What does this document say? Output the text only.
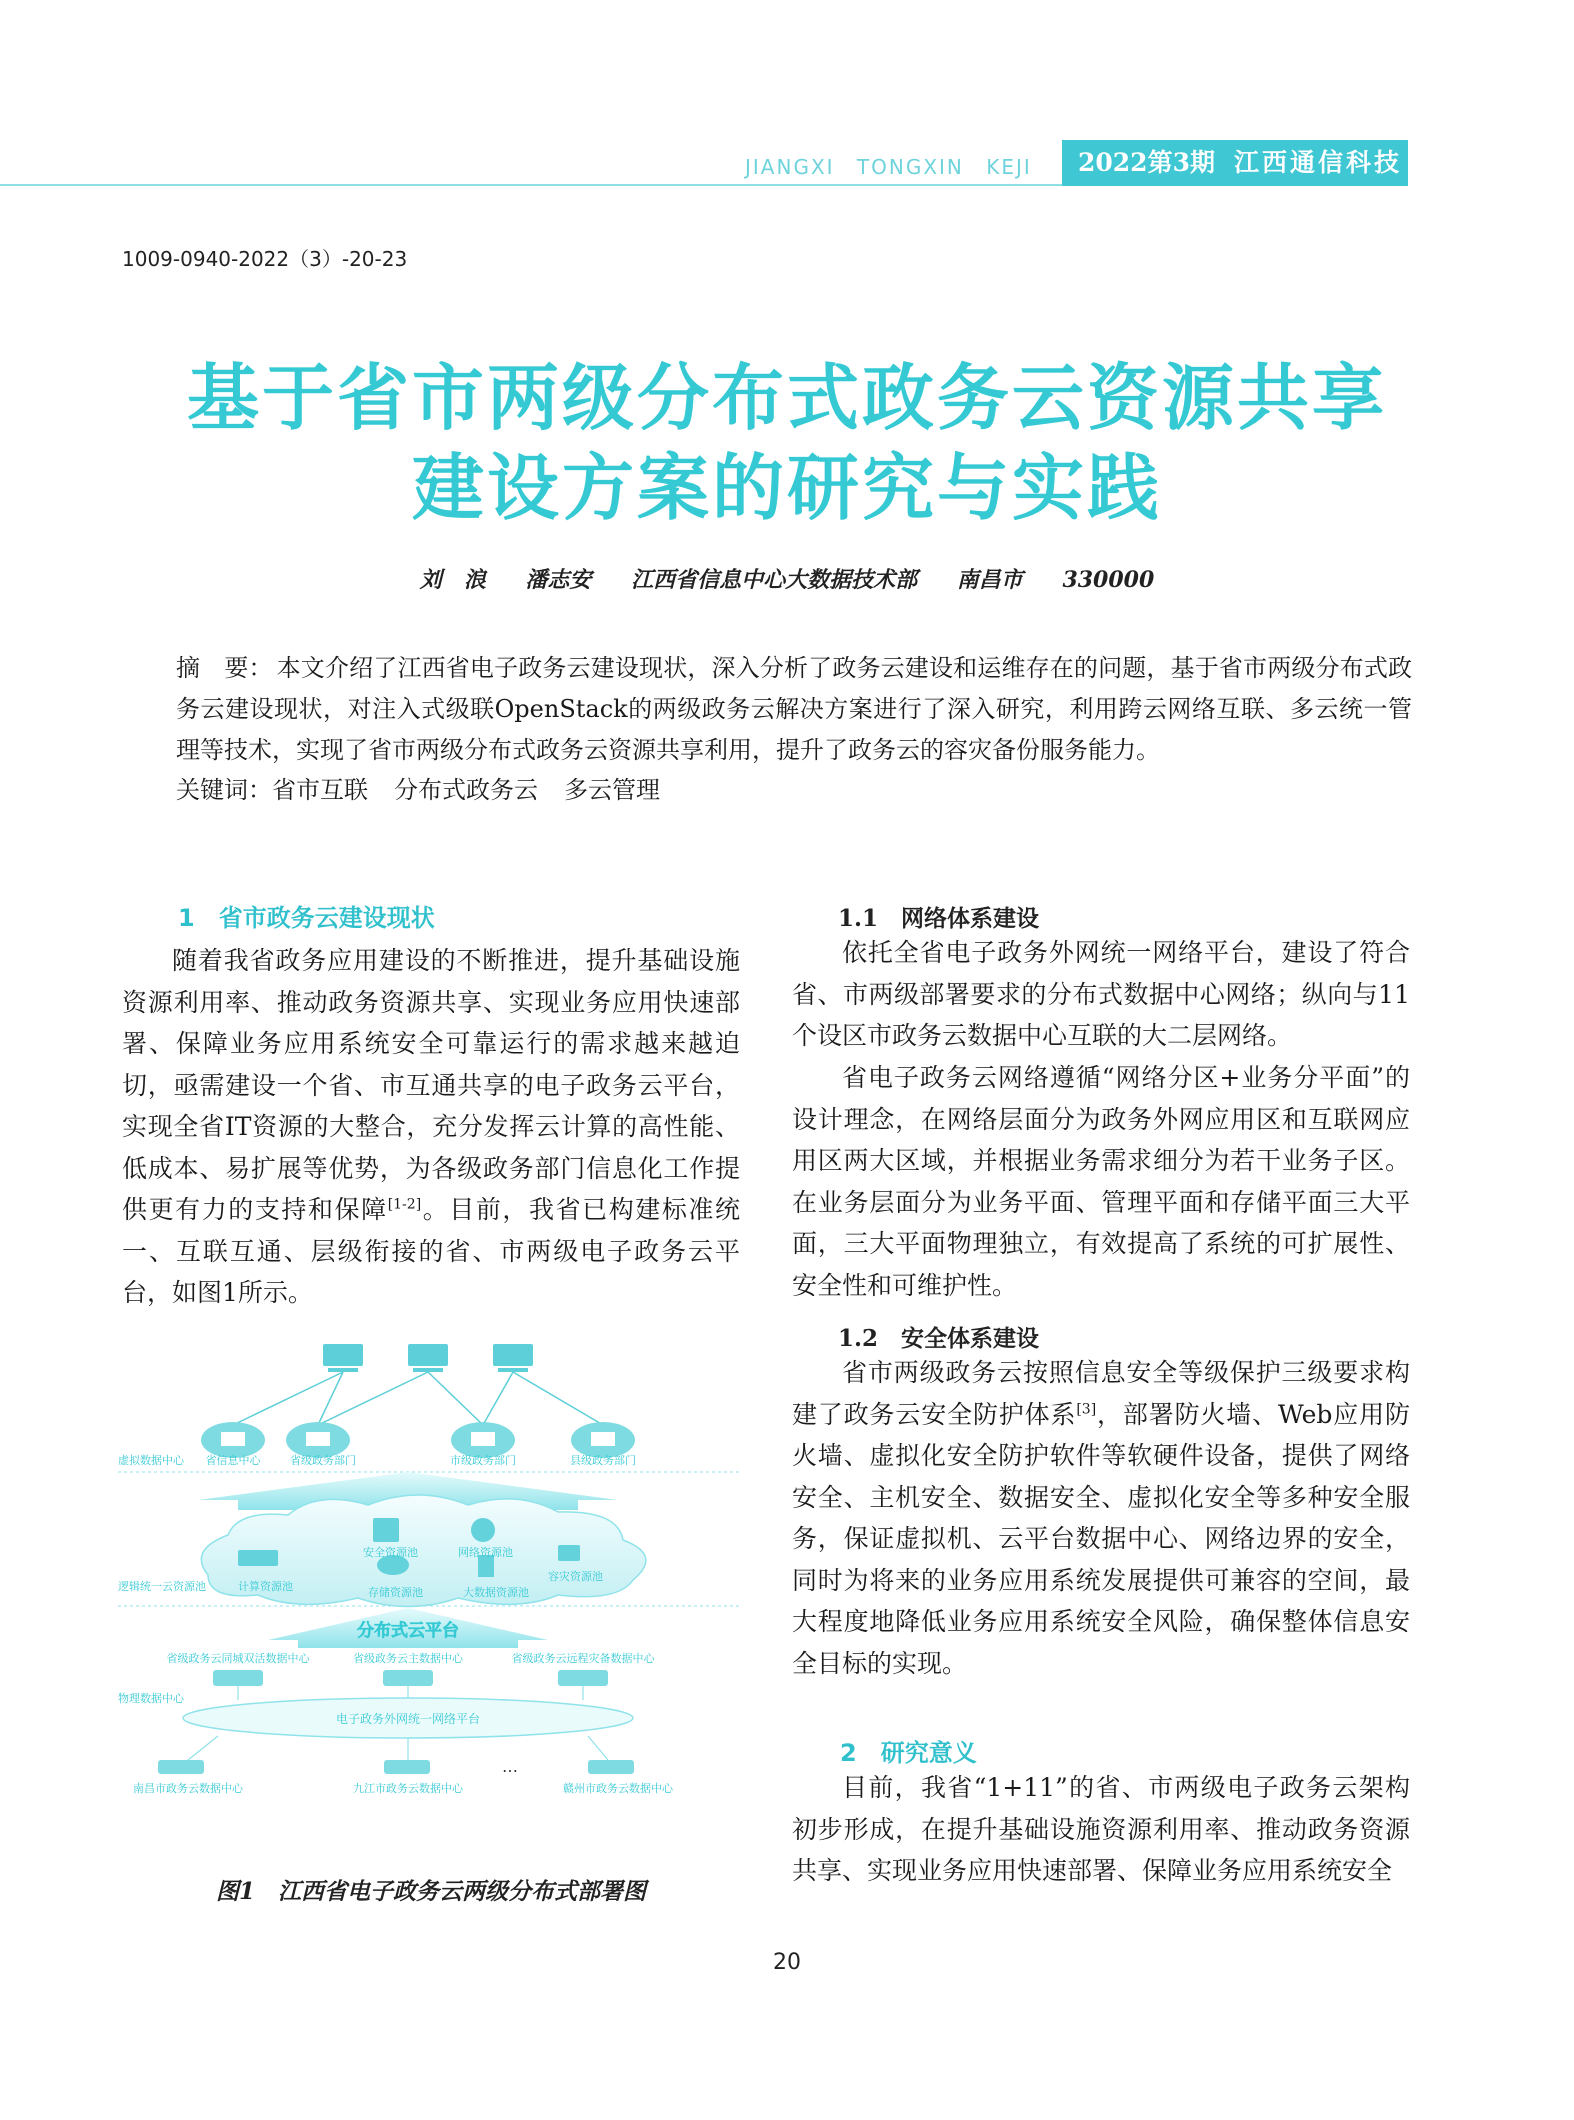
JIANGXI TONGXIN KEJI	2022第3期 江西通信科技
1009-0940-2022（3）-20-23
基于省市两级分布式政务云资源共享
建设方案的研究与实践
刘　浪 潘志安 江西省信息中心大数据技术部 南昌市 330000
摘　要： 本文介绍了江西省电子政务云建设现状，深入分析了政务云建设和运维存在的问题，基于省市两级分布式政务云建设现状，对注入式级联OpenStack的两级政务云解决方案进行了深入研究，利用跨云网络互联、多云统一管理等技术，实现了省市两级分布式政务云资源共享利用，提升了政务云的容灾备份服务能力。
关键词：省市互联 分布式政务云 多云管理
1　省市政务云建设现状
随着我省政务应用建设的不断推进，提升基础设施资源利用率、推动政务资源共享、实现业务应用快速部署、保障业务应用系统安全可靠运行的需求越来越迫切，亟需建设一个省、市互通共享的电子政务云平台，实现全省IT资源的大整合，充分发挥云计算的高性能、低成本、易扩展等优势，为各级政务部门信息化工作提供更有力的支持和保障[1-2]。目前，我省已构建标准统一、互联互通、层级衔接的省、市两级电子政务云平台，如图1所示。
虚拟数据中心 省信息中心	省级政务部门	市级政务部门	县级政务部门
安全资源池	网络资源池
逻辑统一云资源池	计算资源池	存储资源池	大数据资源池
容灾资源池
分布式云平台
省级政务云同城双活数据中心	省级政务云主数据中心	省级政务云远程灾备数据中心
物理数据中心
电子政务外网统一网络平台
南昌市政务云数据中心	九江市政务云数据中心
…
赣州市政务云数据中心
图1　江西省电子政务云两级分布式部署图
1.1　网络体系建设
依托全省电子政务外网统一网络平台，建设了符合省、市两级部署要求的分布式数据中心网络；纵向与11个设区市政务云数据中心互联的大二层网络。
省电子政务云网络遵循“网络分区+业务分平面”的设计理念，在网络层面分为政务外网应用区和互联网应用区两大区域，并根据业务需求细分为若干业务子区。在业务层面分为业务平面、管理平面和存储平面三大平面，三大平面物理独立，有效提高了系统的可扩展性、安全性和可维护性。
1.2　安全体系建设
省市两级政务云按照信息安全等级保护三级要求构建了政务云安全防护体系[3]，部署防火墙、Web应用防火墙、虚拟化安全防护软件等软硬件设备，提供了网络安全、主机安全、数据安全、虚拟化安全等多种安全服务，保证虚拟机、云平台数据中心、网络边界的安全，同时为将来的业务应用系统发展提供可兼容的空间，最大程度地降低业务应用系统安全风险，确保整体信息安全目标的实现。
2　研究意义
目前，我省“1+11”的省、市两级电子政务云架构初步形成，在提升基础设施资源利用率、推动政务资源共享、实现业务应用快速部署、保障业务应用系统安全
20
